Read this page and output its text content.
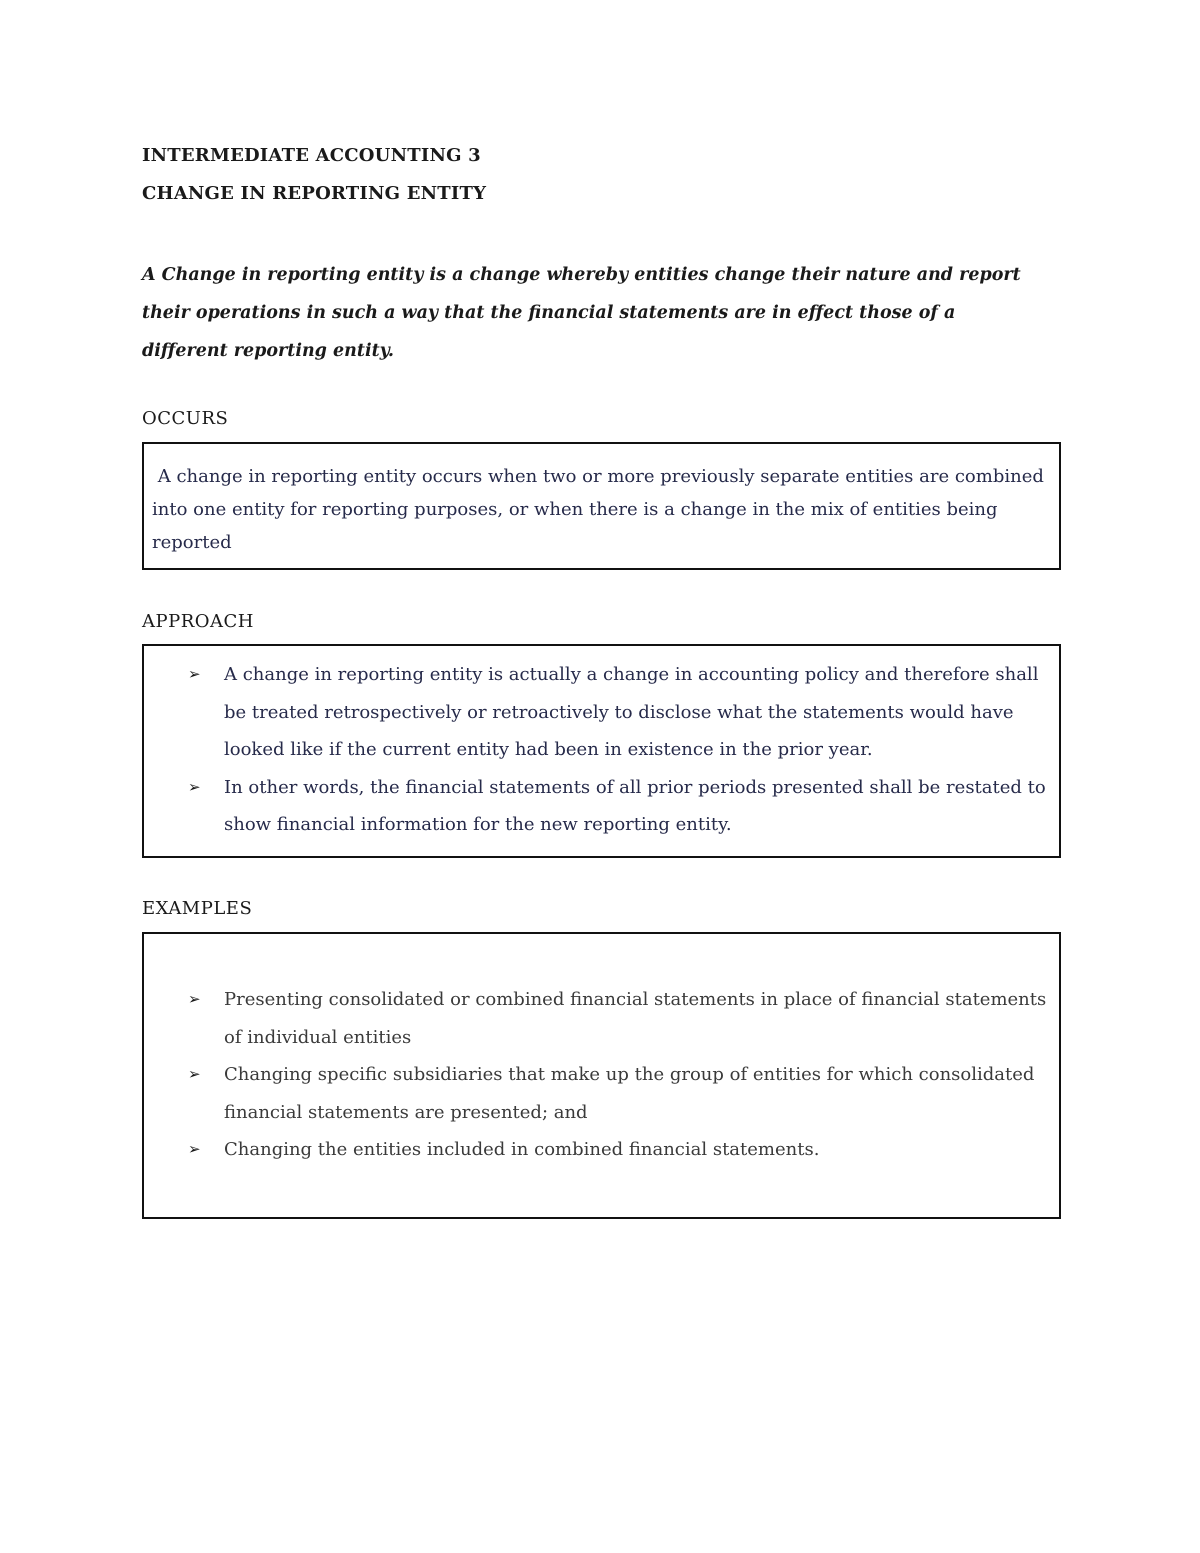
INTERMEDIATE ACCOUNTING 3
CHANGE IN REPORTING ENTITY
A Change in reporting entity is a change whereby entities change their nature and report their operations in such a way that the financial statements are in effect those of a different reporting entity.
OCCURS
A change in reporting entity occurs when two or more previously separate entities are combined into one entity for reporting purposes, or when there is a change in the mix of entities being reported
APPROACH
➢ A change in reporting entity is actually a change in accounting policy and therefore shall be treated retrospectively or retroactively to disclose what the statements would have looked like if the current entity had been in existence in the prior year.
➢ In other words, the financial statements of all prior periods presented shall be restated to show financial information for the new reporting entity.
EXAMPLES
➢ Presenting consolidated or combined financial statements in place of financial statements of individual entities
➢ Changing specific subsidiaries that make up the group of entities for which consolidated financial statements are presented; and
➢ Changing the entities included in combined financial statements.
